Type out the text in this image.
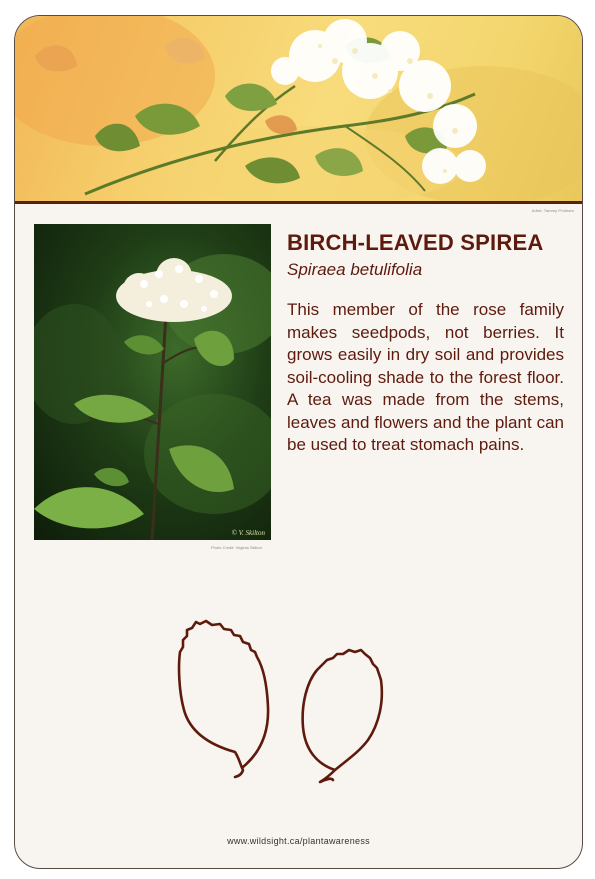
Artist: Tammy Pridham
© V. Skilton
Photo Credit: Virginia Skilton
BIRCH-LEAVED SPIREA
Spiraea betulifolia

This member of the rose family makes seedpods, not berries. It grows easily in dry soil and provides soil-cooling shade to the forest floor. A tea was made from the stems, leaves and flowers and the plant can be used to treat stomach pains.

www.wildsight.ca/plantawareness
